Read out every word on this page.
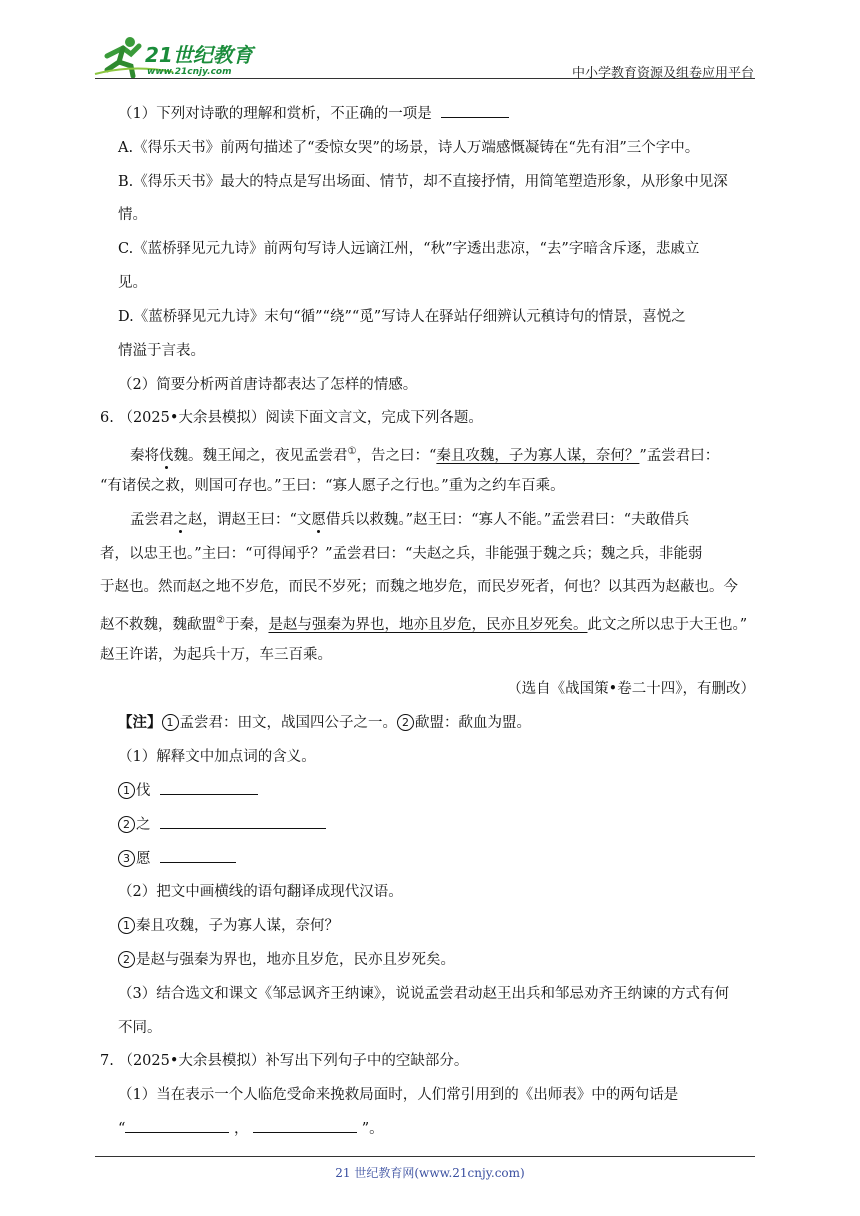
21世纪教育
www.21cnjy.com	中小学教育资源及组卷应用平台
（1）下列对诗歌的理解和赏析，不正确的一项是
A.《得乐天书》前两句描述了“委惊女哭”的场景，诗人万端感慨凝铸在“先有泪”三个字中。
B.《得乐天书》最大的特点是写出场面、情节，却不直接抒情，用简笔塑造形象，从形象中见深
情。
C.《蓝桥驿见元九诗》前两句写诗人远谪江州，“秋”字透出悲凉，“去”字暗含斥逐，悲戚立
见。
D.《蓝桥驿见元九诗》末句“循”“绕”“觅”写诗人在驿站仔细辨认元稹诗句的情景，喜悦之
情溢于言表。
（2）简要分析两首唐诗都表达了怎样的情感。
6. （2025•大余县模拟）阅读下面文言文，完成下列各题。
秦将伐魏。魏王闻之，夜见孟尝君①，告之曰：“秦且攻魏，子为寡人谋，奈何？”孟尝君曰：
“有诸侯之救，则国可存也。”王曰：“寡人愿子之行也。”重为之约车百乘。
孟尝君之赵，谓赵王曰：“文愿借兵以救魏。”赵王曰：“寡人不能。”孟尝君曰：“夫敢借兵
者，以忠王也。”主曰：“可得闻乎？”孟尝君曰：“夫赵之兵，非能强于魏之兵；魏之兵，非能弱
于赵也。然而赵之地不岁危，而民不岁死；而魏之地岁危，而民岁死者，何也？以其西为赵蔽也。今
赵不救魏，魏歃盟②于秦，是赵与强秦为界也，地亦且岁危，民亦且岁死矣。此文之所以忠于大王也。”
赵王许诺，为起兵十万，车三百乘。
（选自《战国策•卷二十四》，有删改）
【注】 1 孟尝君：田文，战国四公子之一。 2 歃盟：歃血为盟。
（1）解释文中加点词的含义。
1 伐
2 之
3 愿
（2）把文中画横线的语句翻译成现代汉语。
1 秦且攻魏，子为寡人谋，奈何？
2 是赵与强秦为界也，地亦且岁危，民亦且岁死矣。
（3）结合选文和课文《邹忌讽齐王纳谏》，说说孟尝君动赵王出兵和邹忌劝齐王纳谏的方式有何
不同。
7. （2025•大余县模拟）补写出下列句子中的空缺部分。
（1）当在表示一个人临危受命来挽救局面时，人们常引用到的《出师表》中的两句话是
“	，	”。
21 世纪教育网(www.21cnjy.com)
